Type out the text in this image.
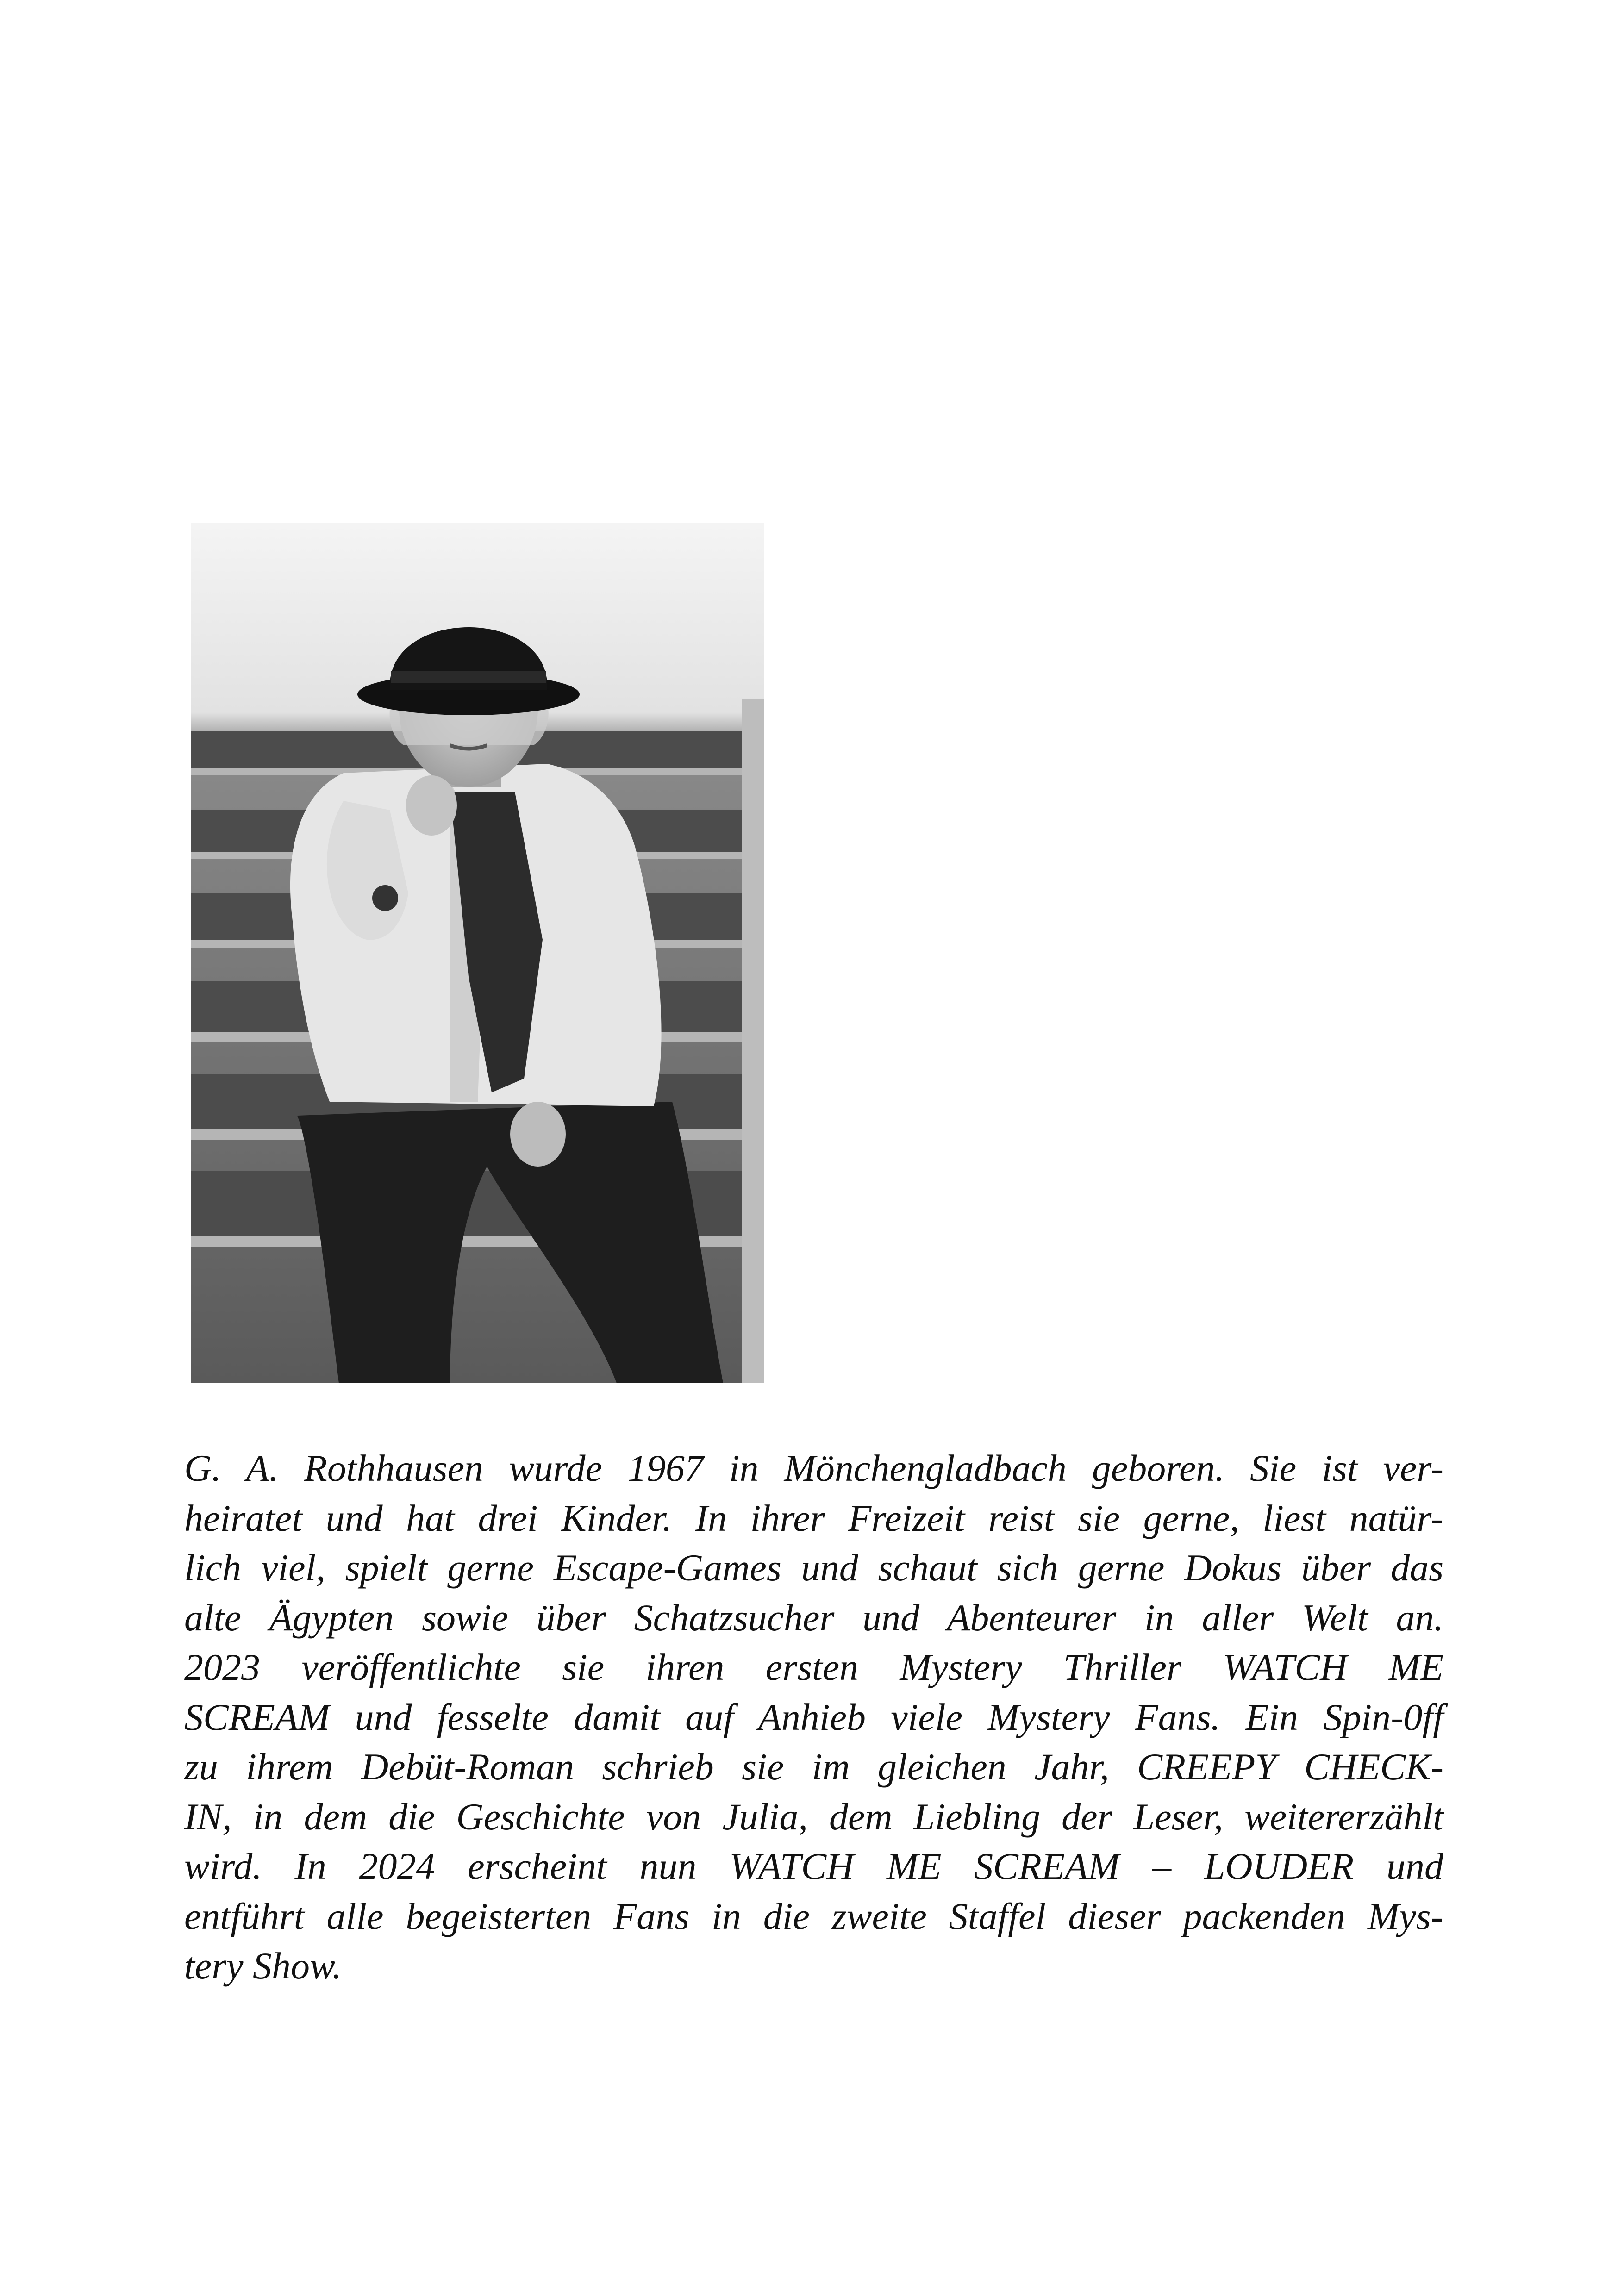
G. A. Rothhausen wurde 1967 in Mönchengladbach geboren. Sie ist ver-
heiratet und hat drei Kinder. In ihrer Freizeit reist sie gerne, liest natür-
lich viel, spielt gerne Escape-Games und schaut sich gerne Dokus über das
alte Ägypten sowie über Schatzsucher und Abenteurer in aller Welt an.
2023 veröffentlichte sie ihren ersten Mystery Thriller WATCH ME
SCREAM und fesselte damit auf Anhieb viele Mystery Fans. Ein Spin-0ff
zu ihrem Debüt-Roman schrieb sie im gleichen Jahr, CREEPY CHECK-
IN, in dem die Geschichte von Julia, dem Liebling der Leser, weitererzählt
wird. In 2024 erscheint nun WATCH ME SCREAM – LOUDER und
entführt alle begeisterten Fans in die zweite Staffel dieser packenden Mys-
tery Show.
